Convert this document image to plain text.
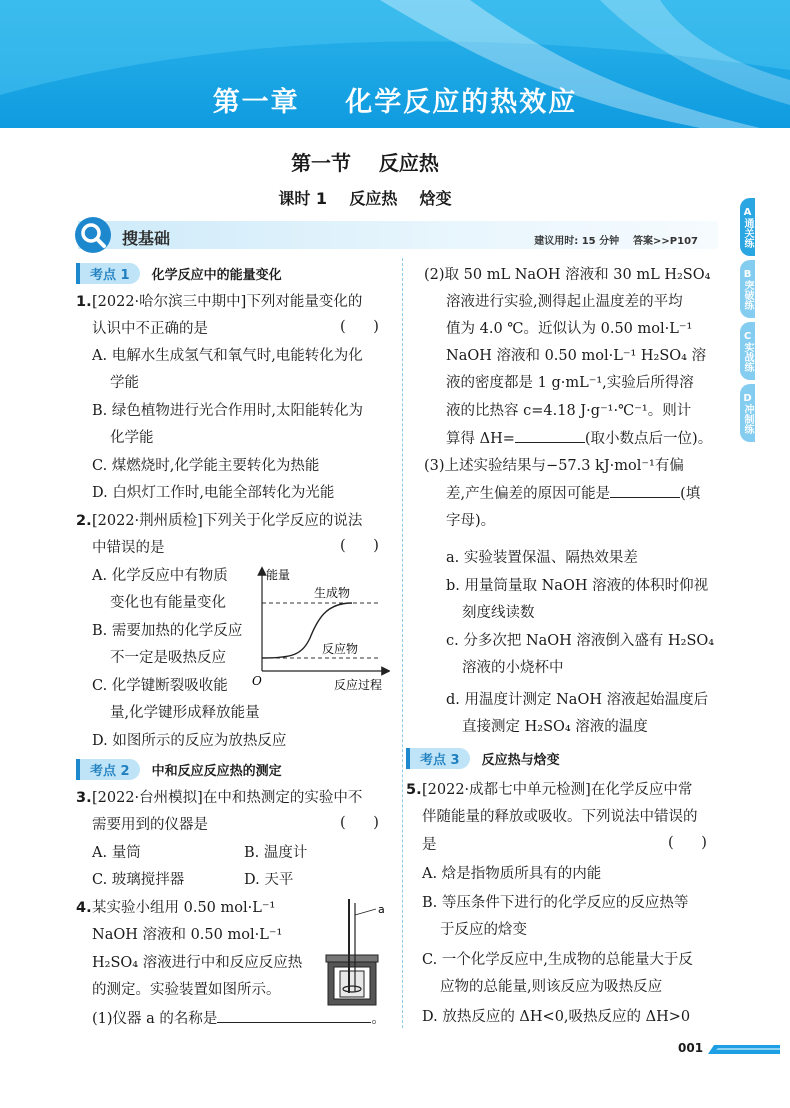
第一章    化学反应的热效应
第一节    反应热
课时 1    反应热    焓变
A通关练
B突破练
C实战练
D冲制练
搜基础	建议用时: 15 分钟    答案>>P107
考点 1	化学反应中的能量变化
1. [2022·哈尔滨三中期中]下列对能量变化的
认识中不正确的是	(      )
A. 电解水生成氢气和氧气时,电能转化为化
学能
B. 绿色植物进行光合作用时,太阳能转化为
化学能
C. 煤燃烧时,化学能主要转化为热能
D. 白炽灯工作时,电能全部转化为光能
2. [2022·荆州质检]下列关于化学反应的说法
中错误的是	(      )
A. 化学反应中有物质
变化也有能量变化
B. 需要加热的化学反应
不一定是吸热反应
C. 化学键断裂吸收能
量,化学键形成释放能量
D. 如图所示的反应为放热反应
能量
生成物
反应物
O	反应过程
考点 2	中和反应反应热的测定
3. [2022·台州模拟]在中和热测定的实验中不
需要用到的仪器是	(      )
A. 量筒	B. 温度计
C. 玻璃搅拌器	D. 天平
4. 某实验小组用 0.50 mol·L⁻¹
NaOH 溶液和 0.50 mol·L⁻¹
H₂SO₄ 溶液进行中和反应反应热
的测定。实验装置如图所示。
(1)仪器 a 的名称是	。
a
(2)取 50 mL NaOH 溶液和 30 mL H₂SO₄
溶液进行实验,测得起止温度差的平均
值为 4.0 ℃。近似认为 0.50 mol·L⁻¹
NaOH 溶液和 0.50 mol·L⁻¹ H₂SO₄ 溶
液的密度都是 1 g·mL⁻¹,实验后所得溶
液的比热容 c=4.18 J·g⁻¹·℃⁻¹。则计
算得 ΔH=	(取小数点后一位)。
(3)上述实验结果与−57.3 kJ·mol⁻¹有偏
差,产生偏差的原因可能是	(填
字母)。
a. 实验装置保温、隔热效果差
b. 用量筒量取 NaOH 溶液的体积时仰视
刻度线读数
c. 分多次把 NaOH 溶液倒入盛有 H₂SO₄
溶液的小烧杯中
d. 用温度计测定 NaOH 溶液起始温度后
直接测定 H₂SO₄ 溶液的温度
考点 3	反应热与焓变
5. [2022·成都七中单元检测]在化学反应中常
伴随能量的释放或吸收。下列说法中错误的
是	(      )
A. 焓是指物质所具有的内能
B. 等压条件下进行的化学反应的反应热等
于反应的焓变
C. 一个化学反应中,生成物的总能量大于反
应物的总能量,则该反应为吸热反应
D. 放热反应的 ΔH<0,吸热反应的 ΔH>0
001
